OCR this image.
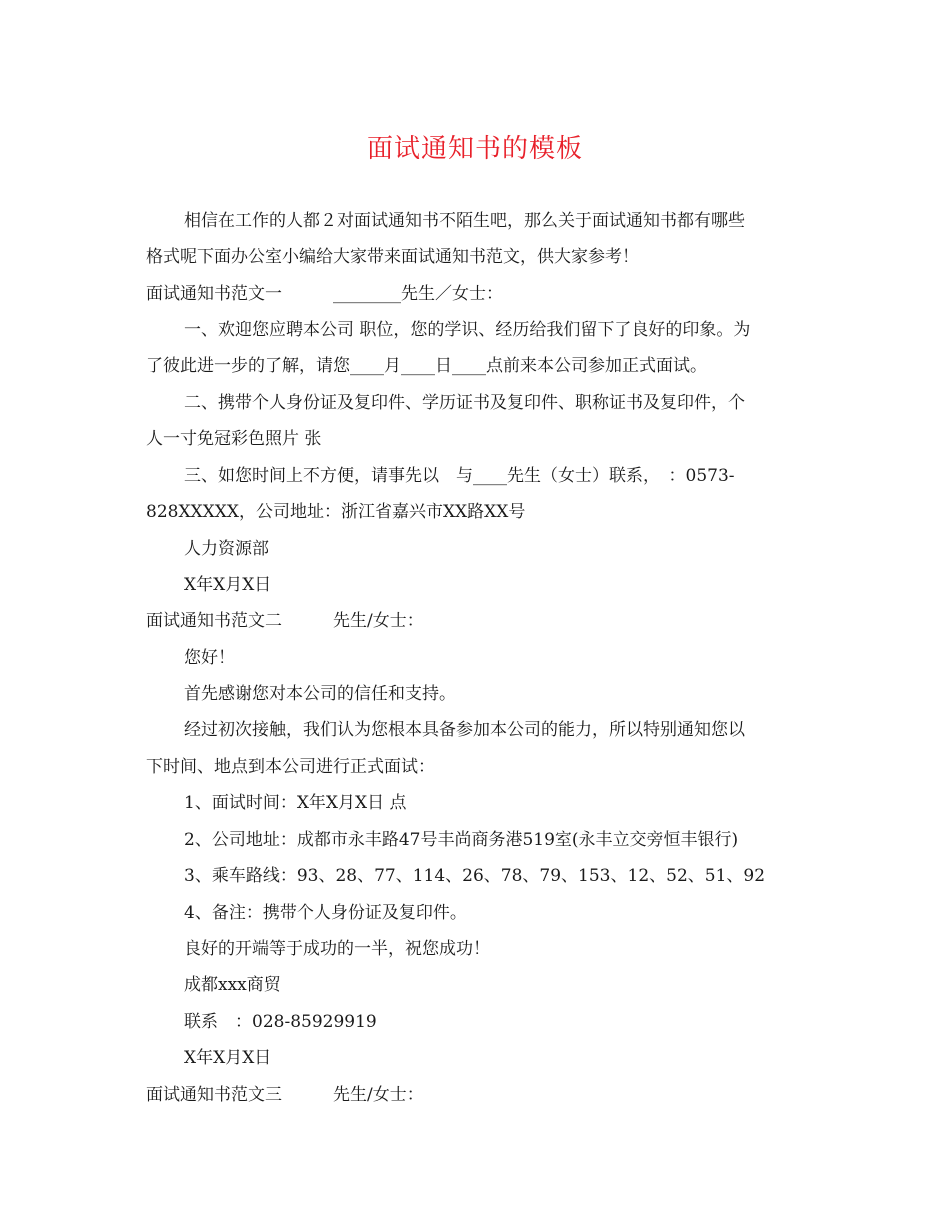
面试通知书的模板
相信在工作的人都２对面试通知书不陌生吧，那么关于面试通知书都有哪些
格式呢下面办公室小编给大家带来面试通知书范文，供大家参考！
面试通知书范文一　　　________先生／女士：
一、欢迎您应聘本公司 职位，您的学识、经历给我们留下了良好的印象。为
了彼此进一步的了解，请您____月____日____点前来本公司参加正式面试。
二、携带个人身份证及复印件、学历证书及复印件、职称证书及复印件，个
人一寸免冠彩色照片 张
三、如您时间上不方便，请事先以　与____先生（女士）联系，　：0573-
828XXXXX，公司地址：浙江省嘉兴市XX路XX号
人力资源部
X年X月X日
面试通知书范文二　　　先生/女士：
您好！
首先感谢您对本公司的信任和支持。
经过初次接触，我们认为您根本具备参加本公司的能力，所以特别通知您以
下时间、地点到本公司进行正式面试：
1、面试时间：X年X月X日 点
2、公司地址：成都市永丰路47号丰尚商务港519室(永丰立交旁恒丰银行)
3、乘车路线：93、28、77、114、26、78、79、153、12、52、51、92
4、备注：携带个人身份证及复印件。
良好的开端等于成功的一半，祝您成功！
成都xxx商贸
联系　：028-85929919
X年X月X日
面试通知书范文三　　　先生/女士：
